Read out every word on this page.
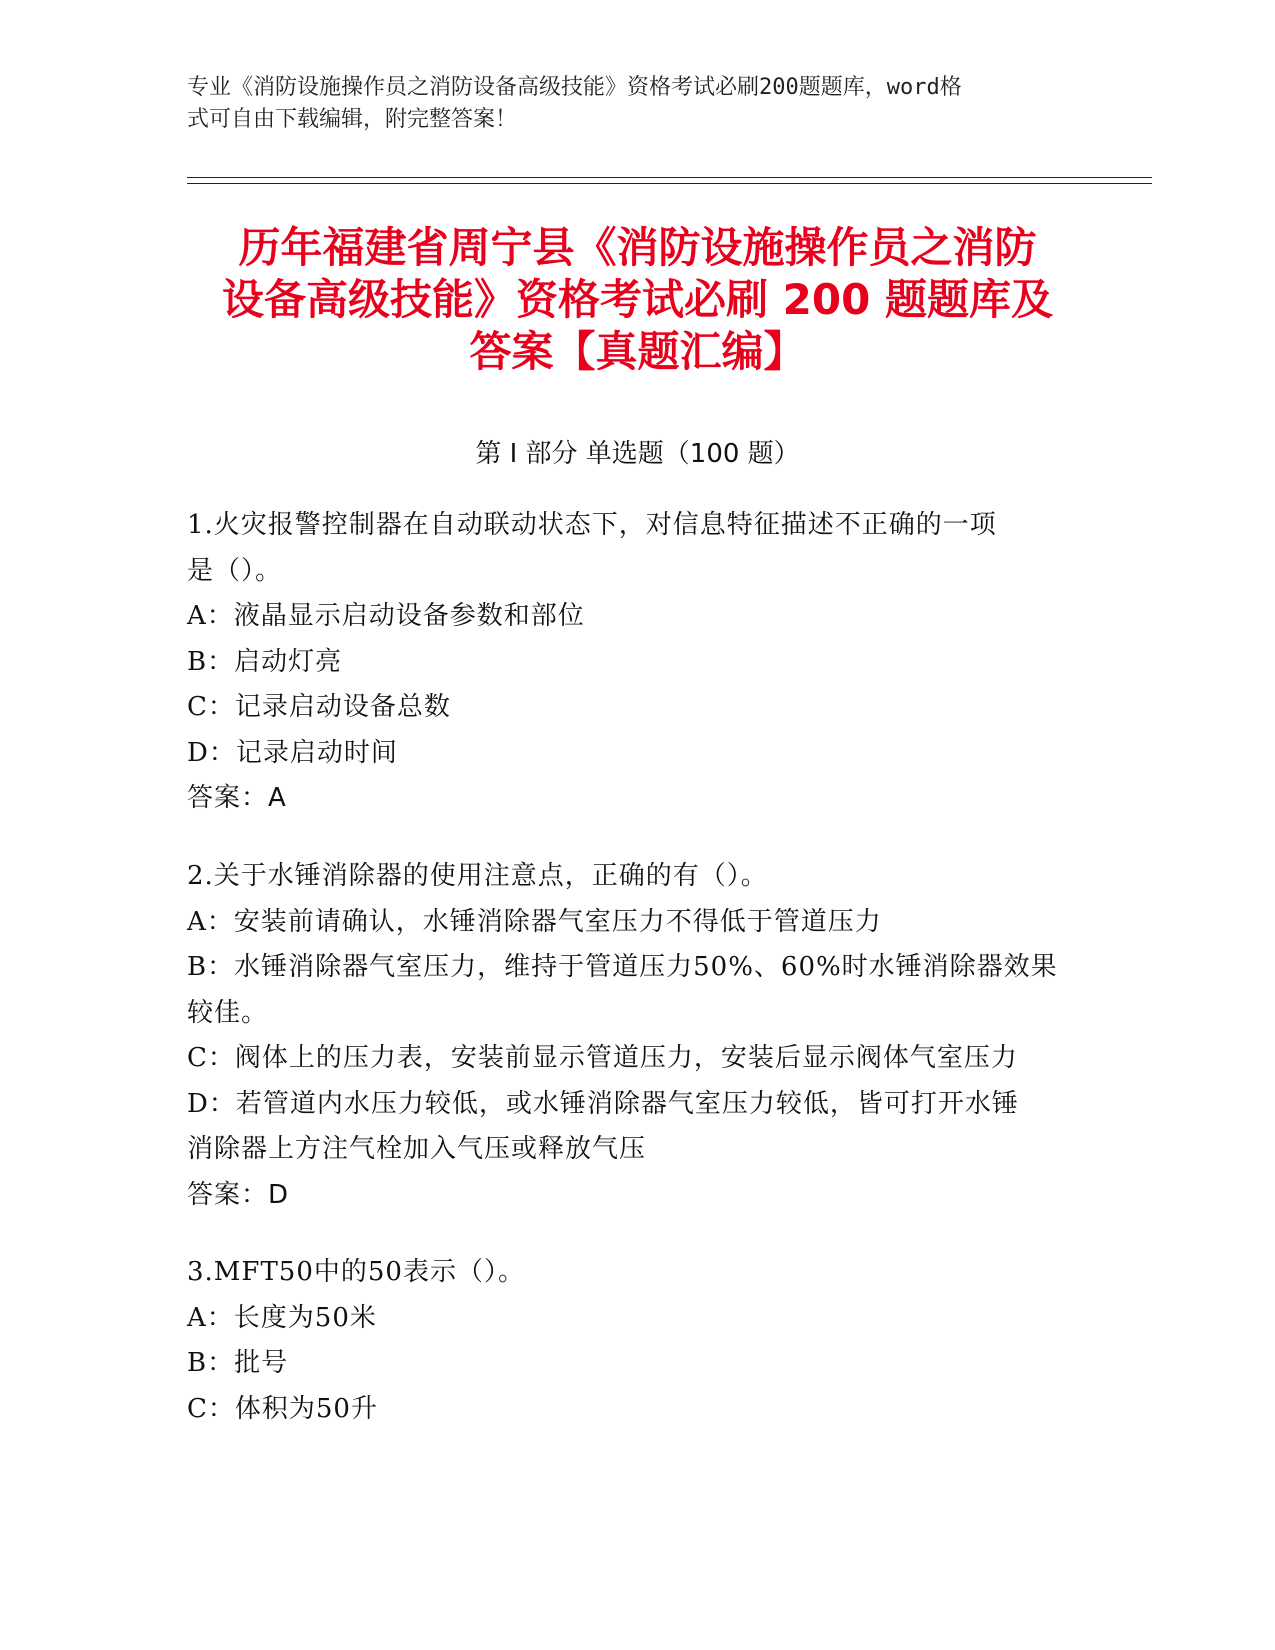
专业《消防设施操作员之消防设备高级技能》资格考试必刷200题题库，word格
式可自由下载编辑，附完整答案！
历年福建省周宁县《消防设施操作员之消防
设备高级技能》资格考试必刷 200 题题库及
答案【真题汇编】
第 I 部分 单选题（100 题）
1.火灾报警控制器在自动联动状态下，对信息特征描述不正确的一项
是（）。
A：液晶显示启动设备参数和部位
B：启动灯亮
C：记录启动设备总数
D：记录启动时间
答案：A
2.关于水锤消除器的使用注意点，正确的有（）。
A：安装前请确认，水锤消除器气室压力不得低于管道压力
B：水锤消除器气室压力，维持于管道压力50%、60%时水锤消除器效果
较佳。
C：阀体上的压力表，安装前显示管道压力，安装后显示阀体气室压力
D：若管道内水压力较低，或水锤消除器气室压力较低，皆可打开水锤
消除器上方注气栓加入气压或释放气压
答案：D
3.MFT50中的50表示（）。
A：长度为50米
B：批号
C：体积为50升
